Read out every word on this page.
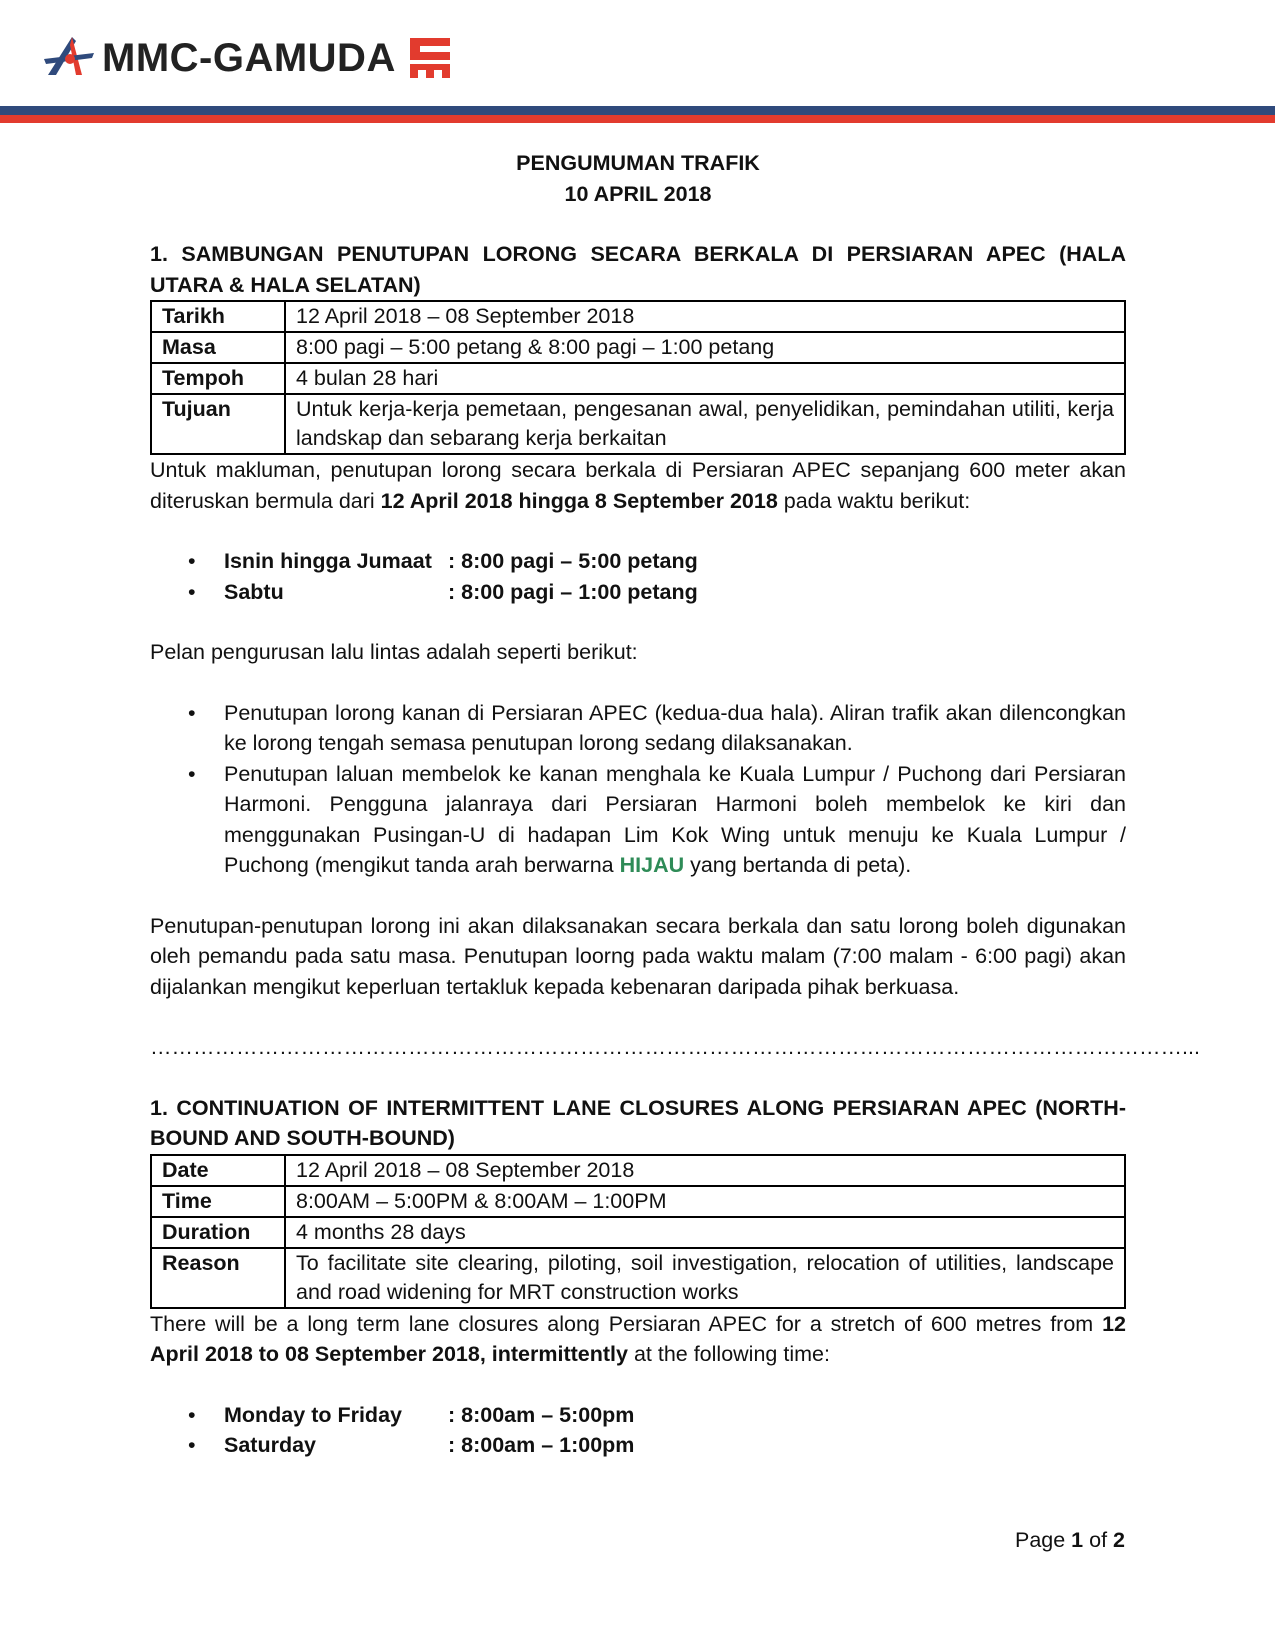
MMC-GAMUDA
PENGUMUMAN TRAFIK
10 APRIL 2018
1. SAMBUNGAN PENUTUPAN LORONG SECARA BERKALA DI PERSIARAN APEC (HALA UTARA & HALA SELATAN)
Tarikh	12 April 2018 – 08 September 2018
Masa	8:00 pagi – 5:00 petang & 8:00 pagi – 1:00 petang
Tempoh	4 bulan 28 hari
Tujuan	Untuk kerja-kerja pemetaan, pengesanan awal, penyelidikan, pemindahan utiliti, kerja landskap dan sebarang kerja berkaitan

Untuk makluman, penutupan lorong secara berkala di Persiaran APEC sepanjang 600 meter akan diteruskan bermula dari 12 April 2018 hingga 8 September 2018 pada waktu berikut:

• Isnin hingga Jumaat : 8:00 pagi – 5:00 petang
• Sabtu	: 8:00 pagi – 1:00 petang

Pelan pengurusan lalu lintas adalah seperti berikut:

• Penutupan lorong kanan di Persiaran APEC (kedua-dua hala). Aliran trafik akan dilencongkan ke lorong tengah semasa penutupan lorong sedang dilaksanakan.
• Penutupan laluan membelok ke kanan menghala ke Kuala Lumpur / Puchong dari Persiaran Harmoni. Pengguna jalanraya dari Persiaran Harmoni boleh membelok ke kiri dan menggunakan Pusingan-U di hadapan Lim Kok Wing untuk menuju ke Kuala Lumpur / Puchong (mengikut tanda arah berwarna HIJAU yang bertanda di peta).

Penutupan-penutupan lorong ini akan dilaksanakan secara berkala dan satu lorong boleh digunakan oleh pemandu pada satu masa. Penutupan loorng pada waktu malam (7:00 malam - 6:00 pagi) akan dijalankan mengikut keperluan tertakluk kepada kebenaran daripada pihak berkuasa.

………………………………………………………………………………………………………………………………...
1. CONTINUATION OF INTERMITTENT LANE CLOSURES ALONG PERSIARAN APEC (NORTH-BOUND AND SOUTH-BOUND)
Date	12 April 2018 – 08 September 2018
Time	8:00AM – 5:00PM & 8:00AM – 1:00PM
Duration	4 months 28 days
Reason	To facilitate site clearing, piloting, soil investigation, relocation of utilities, landscape and road widening for MRT construction works

There will be a long term lane closures along Persiaran APEC for a stretch of 600 metres from 12 April 2018 to 08 September 2018, intermittently at the following time:

• Monday to Friday : 8:00am – 5:00pm
• Saturday	: 8:00am – 1:00pm
Page 1 of 2
